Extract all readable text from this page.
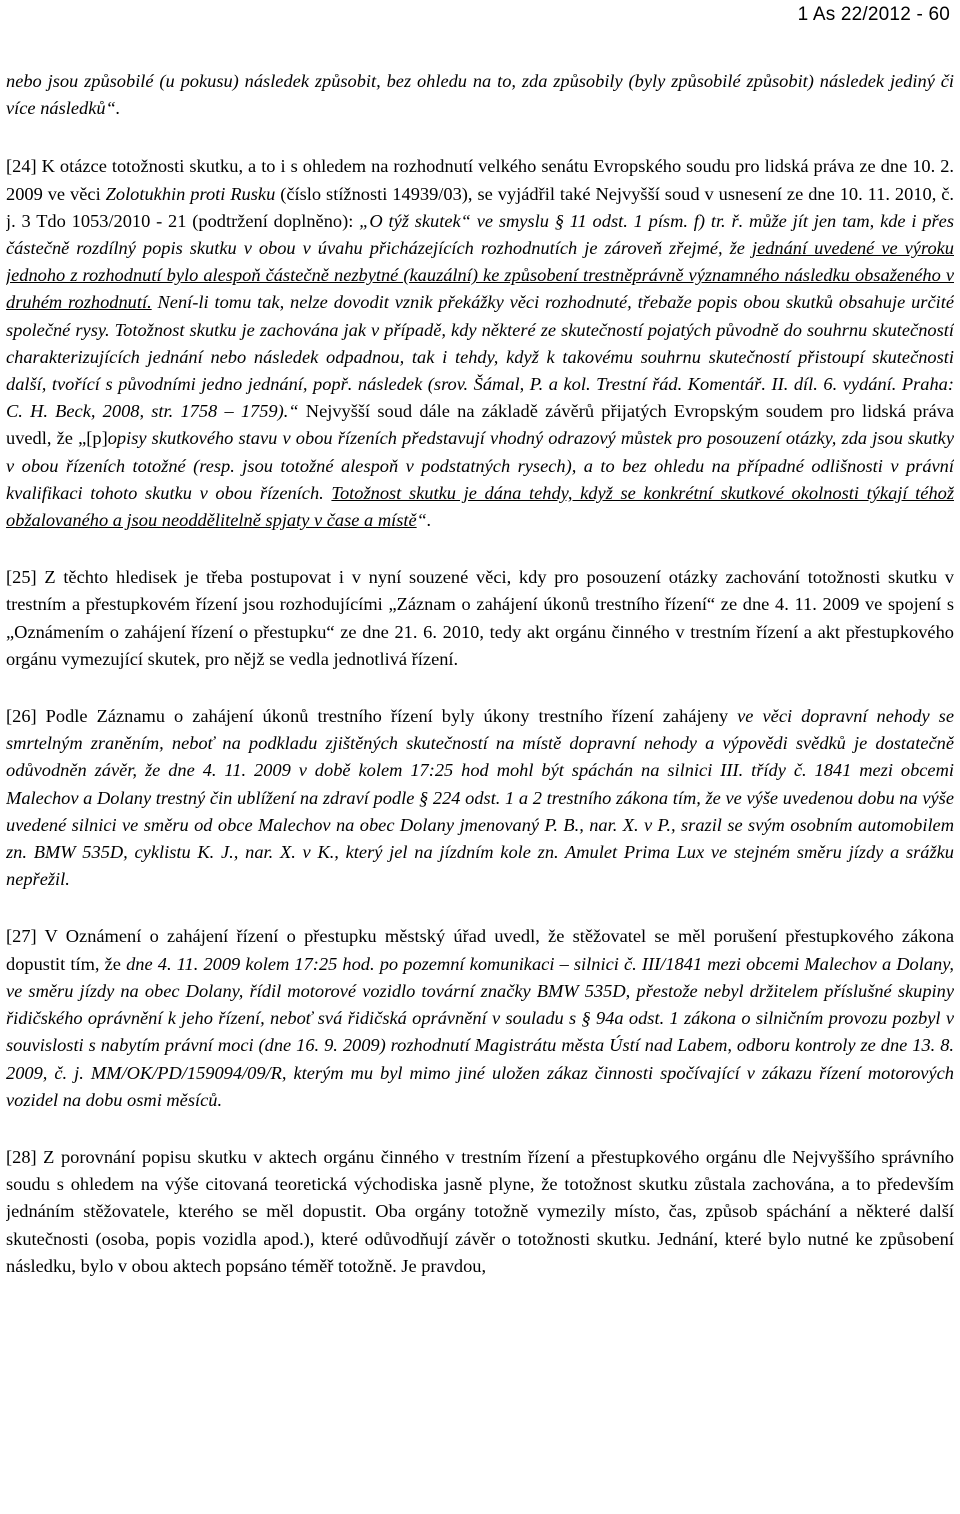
1 As 22/2012 - 60

nebo jsou způsobilé (u pokusu) následek způsobit, bez ohledu na to, zda způsobily (byly způsobilé způsobit) následek jediný či více následků“.

[24] K otázce totožnosti skutku, a to i s ohledem na rozhodnutí velkého senátu Evropského soudu pro lidská práva ze dne 10. 2. 2009 ve věci Zolotukhin proti Rusku (číslo stížnosti 14939/03), se vyjádřil také Nejvyšší soud v usnesení ze dne 10. 11. 2010, č. j. 3 Tdo 1053/2010 - 21 (podtržení doplněno): „O týž skutek“ ve smyslu § 11 odst. 1 písm. f) tr. ř. může jít jen tam, kde i přes částečně rozdílný popis skutku v obou v úvahu přicházejících rozhodnutích je zároveň zřejmé, že jednání uvedené ve výroku jednoho z rozhodnutí bylo alespoň částečně nezbytné (kauzální) ke způsobení trestněprávně významného následku obsaženého v druhém rozhodnutí. Není-li tomu tak, nelze dovodit vznik překážky věci rozhodnuté, třebaže popis obou skutků obsahuje určité společné rysy. Totožnost skutku je zachována jak v případě, kdy některé ze skutečností pojatých původně do souhrnu skutečností charakterizujících jednání nebo následek odpadnou, tak i tehdy, když k takovému souhrnu skutečností přistoupí skutečnosti další, tvořící s původními jedno jednání, popř. následek (srov. Šámal, P. a kol. Trestní řád. Komentář. II. díl. 6. vydání. Praha: C. H. Beck, 2008, str. 1758 – 1759).“ Nejvyšší soud dále na základě závěrů přijatých Evropským soudem pro lidská práva uvedl, že „[p]opisy skutkového stavu v obou řízeních představují vhodný odrazový můstek pro posouzení otázky, zda jsou skutky v obou řízeních totožné (resp. jsou totožné alespoň v podstatných rysech), a to bez ohledu na případné odlišnosti v právní kvalifikaci tohoto skutku v obou řízeních. Totožnost skutku je dána tehdy, když se konkrétní skutkové okolnosti týkají téhož obžalovaného a jsou neoddělitelně spjaty v čase a místě“.

[25] Z těchto hledisek je třeba postupovat i v nyní souzené věci, kdy pro posouzení otázky zachování totožnosti skutku v trestním a přestupkovém řízení jsou rozhodujícími „Záznam o zahájení úkonů trestního řízení“ ze dne 4. 11. 2009 ve spojení s „Oznámením o zahájení řízení o přestupku“ ze dne 21. 6. 2010, tedy akt orgánu činného v trestním řízení a akt přestupkového orgánu vymezující skutek, pro nějž se vedla jednotlivá řízení.

[26] Podle Záznamu o zahájení úkonů trestního řízení byly úkony trestního řízení zahájeny ve věci dopravní nehody se smrtelným zraněním, neboť na podkladu zjištěných skutečností na místě dopravní nehody a výpovědi svědků je dostatečně odůvodněn závěr, že dne 4. 11. 2009 v době kolem 17:25 hod mohl být spáchán na silnici III. třídy č. 1841 mezi obcemi Malechov a Dolany trestný čin ublížení na zdraví podle § 224 odst. 1 a 2 trestního zákona tím, že ve výše uvedenou dobu na výše uvedené silnici ve směru od obce Malechov na obec Dolany jmenovaný P. B., nar. X. v P., srazil se svým osobním automobilem zn. BMW 535D, cyklistu K. J., nar. X. v K., který jel na jízdním kole zn. Amulet Prima Lux ve stejném směru jízdy a srážku nepřežil.

[27] V Oznámení o zahájení řízení o přestupku městský úřad uvedl, že stěžovatel se měl porušení přestupkového zákona dopustit tím, že dne 4. 11. 2009 kolem 17:25 hod. po pozemní komunikaci – silnici č. III/1841 mezi obcemi Malechov a Dolany, ve směru jízdy na obec Dolany, řídil motorové vozidlo tovární značky BMW 535D, přestože nebyl držitelem příslušné skupiny řidičského oprávnění k jeho řízení, neboť svá řidičská oprávnění v souladu s § 94a odst. 1 zákona o silničním provozu pozbyl v souvislosti s nabytím právní moci (dne 16. 9. 2009) rozhodnutí Magistrátu města Ústí nad Labem, odboru kontroly ze dne 13. 8. 2009, č. j. MM/OK/PD/159094/09/R, kterým mu byl mimo jiné uložen zákaz činnosti spočívající v zákazu řízení motorových vozidel na dobu osmi měsíců.

[28] Z porovnání popisu skutku v aktech orgánu činného v trestním řízení a přestupkového orgánu dle Nejvyššího správního soudu s ohledem na výše citovaná teoretická východiska jasně plyne, že totožnost skutku zůstala zachována, a to především jednáním stěžovatele, kterého se měl dopustit. Oba orgány totožně vymezily místo, čas, způsob spáchání a některé další skutečnosti (osoba, popis vozidla apod.), které odůvodňují závěr o totožnosti skutku. Jednání, které bylo nutné ke způsobení následku, bylo v obou aktech popsáno téměř totožně. Je pravdou,
